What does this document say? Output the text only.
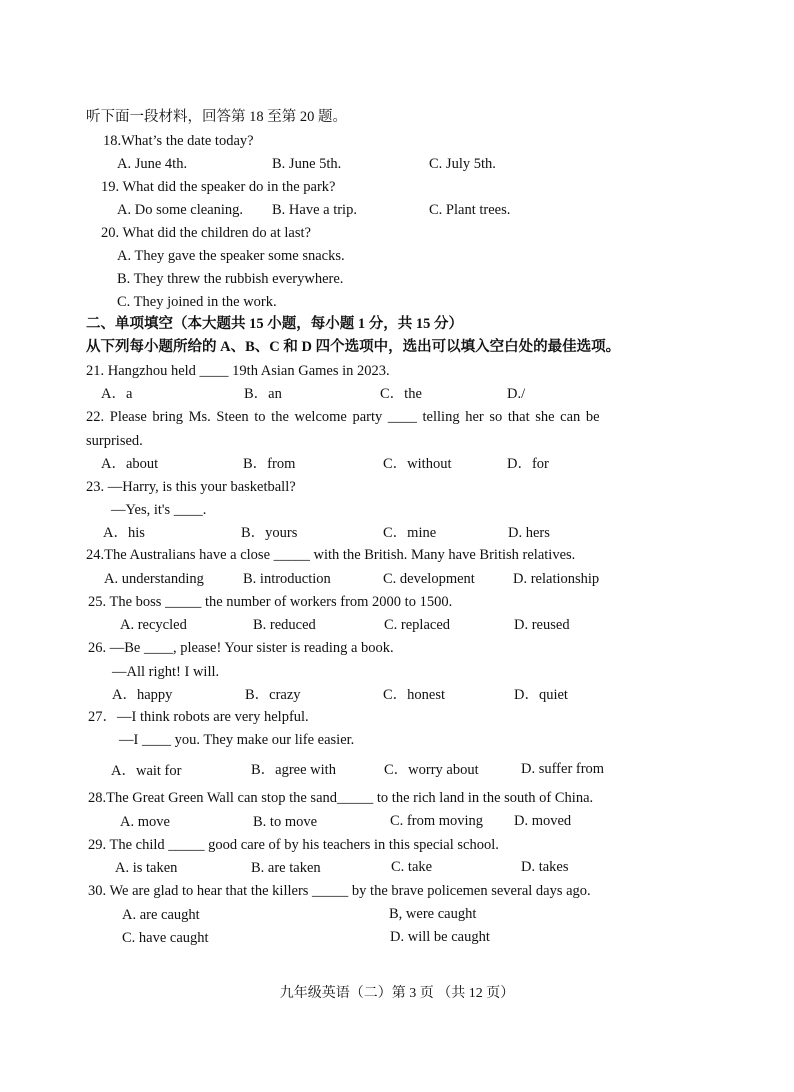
听下面一段材料，回答第 18 至第 20 题。
18.What’s the date today?
A. June 4th.	B. June 5th.	C. July 5th.
19. What did the speaker do in the park?
A. Do some cleaning. B. Have a trip.	C. Plant trees.
20. What did the children do at last?
A. They gave the speaker some snacks.
B. They threw the rubbish everywhere.
C. They joined in the work.
二、单项填空（本大题共 15 小题，每小题 1 分，共 15 分）
从下列每小题所给的 A、B、C 和 D 四个选项中，选出可以填入空白处的最佳选项。
21. Hangzhou held ____ 19th Asian Games in 2023.
A．a	B．an	C．the	D./
22. Please bring Ms. Steen to the welcome party ____ telling her so that she can be
surprised.
A．about	B．from	C．without	D．for
23. —Harry, is this your basketball?
—Yes, it's ____.
A．his	B．yours	C．mine	D. hers
24.The Australians have a close _____ with the British. Many have British relatives.
A. understanding	B. introduction	C. development	D. relationship
25. The boss _____ the number of workers from 2000 to 1500.
A. recycled	B. reduced	C. replaced	D. reused
26. —Be ____, please! Your sister is reading a book.
—All right! I will.
A．happy	B．crazy	C．honest	D．quiet
27．—I think robots are very helpful.
—I ____ you. They make our life easier.
A．wait for	B．agree with	C．worry about	D. suffer from
28.The Great Green Wall can stop the sand_____ to the rich land in the south of China.
A. move	B. to move	C. from moving D. moved
29. The child _____ good care of by his teachers in this special school.
A. is taken	B. are taken	C. take	D. takes
30. We are glad to hear that the killers _____ by the brave policemen several days ago.
A. are caught	B, were caught
C. have caught	D. will be caught
九年级英语（二）第 3 页 （共 12 页）
